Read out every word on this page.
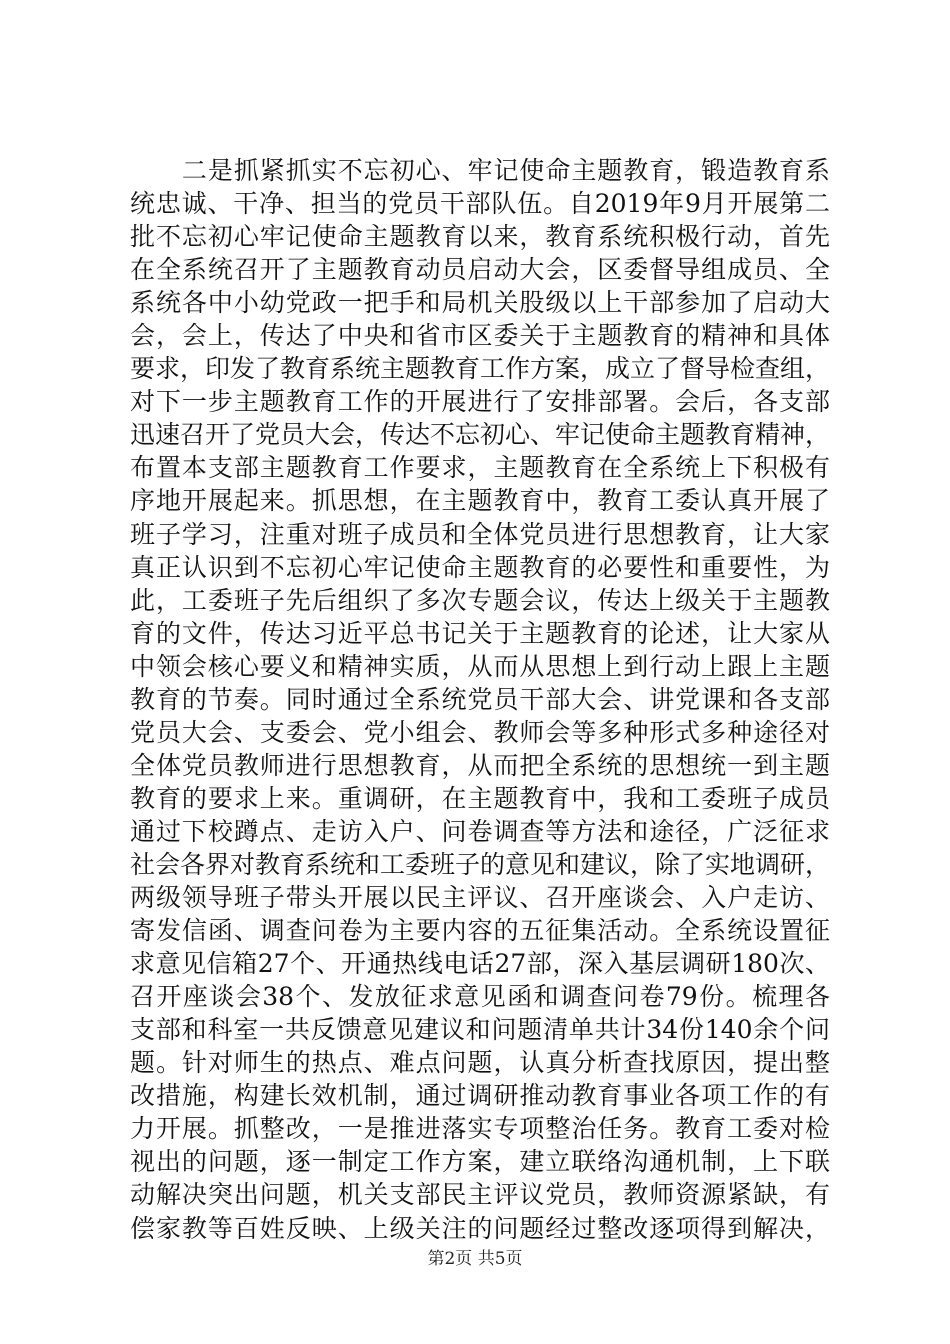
　　二是抓紧抓实不忘初心、牢记使命主题教育，锻造教育系
统忠诚、干净、担当的党员干部队伍。自2019年9月开展第二
批不忘初心牢记使命主题教育以来，教育系统积极行动，首先
在全系统召开了主题教育动员启动大会，区委督导组成员、全
系统各中小幼党政一把手和局机关股级以上干部参加了启动大
会，会上，传达了中央和省市区委关于主题教育的精神和具体
要求，印发了教育系统主题教育工作方案，成立了督导检查组，
对下一步主题教育工作的开展进行了安排部署。会后，各支部
迅速召开了党员大会，传达不忘初心、牢记使命主题教育精神，
布置本支部主题教育工作要求，主题教育在全系统上下积极有
序地开展起来。抓思想，在主题教育中，教育工委认真开展了
班子学习，注重对班子成员和全体党员进行思想教育，让大家
真正认识到不忘初心牢记使命主题教育的必要性和重要性，为
此，工委班子先后组织了多次专题会议，传达上级关于主题教
育的文件，传达习近平总书记关于主题教育的论述，让大家从
中领会核心要义和精神实质，从而从思想上到行动上跟上主题
教育的节奏。同时通过全系统党员干部大会、讲党课和各支部
党员大会、支委会、党小组会、教师会等多种形式多种途径对
全体党员教师进行思想教育，从而把全系统的思想统一到主题
教育的要求上来。重调研，在主题教育中，我和工委班子成员
通过下校蹲点、走访入户、问卷调查等方法和途径，广泛征求
社会各界对教育系统和工委班子的意见和建议，除了实地调研，
两级领导班子带头开展以民主评议、召开座谈会、入户走访、
寄发信函、调查问卷为主要内容的五征集活动。全系统设置征
求意见信箱27个、开通热线电话27部，深入基层调研180次、
召开座谈会38个、发放征求意见函和调查问卷79份。梳理各
支部和科室一共反馈意见建议和问题清单共计34份140余个问
题。针对师生的热点、难点问题，认真分析查找原因，提出整
改措施，构建长效机制，通过调研推动教育事业各项工作的有
力开展。抓整改，一是推进落实专项整治任务。教育工委对检
视出的问题，逐一制定工作方案，建立联络沟通机制，上下联
动解决突出问题，机关支部民主评议党员，教师资源紧缺，有
偿家教等百姓反映、上级关注的问题经过整改逐项得到解决，
第2页 共5页
